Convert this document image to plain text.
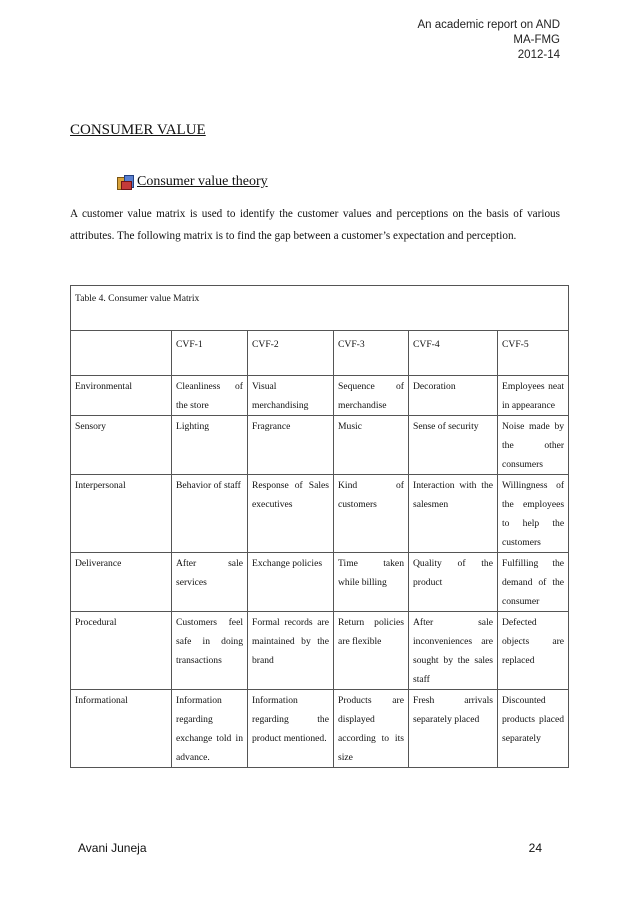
An academic report on AND
MA-FMG
2012-14
CONSUMER VALUE
Consumer value theory
A customer value matrix is used to identify the customer values and perceptions on the basis of various attributes. The following matrix is to find the gap between a customer’s expectation and perception.
Table 4. Consumer value Matrix					
	CVF-1	CVF-2	CVF-3	CVF-4	CVF-5
Environmental	Cleanliness of the store	Visual merchandising	Sequence of merchandise	Decoration	Employees neat in appearance
Sensory	Lighting	Fragrance	Music	Sense of security	Noise made by the other consumers
Interpersonal	Behavior of staff	Response of Sales executives	Kind of customers	Interaction with the salesmen	Willingness of the employees to help the customers
Deliverance	After sale services	Exchange policies	Time taken while billing	Quality of the product	Fulfilling the demand of the consumer
Procedural	Customers feel safe in doing transactions	Formal records are maintained by the brand	Return policies are flexible	After sale inconveniences are sought by the sales staff	Defected objects are replaced
Informational	Information regarding exchange told in advance.	Information regarding the product mentioned.	Products are displayed according to its size	Fresh arrivals separately placed	Discounted products placed separately
Avani Juneja	24
